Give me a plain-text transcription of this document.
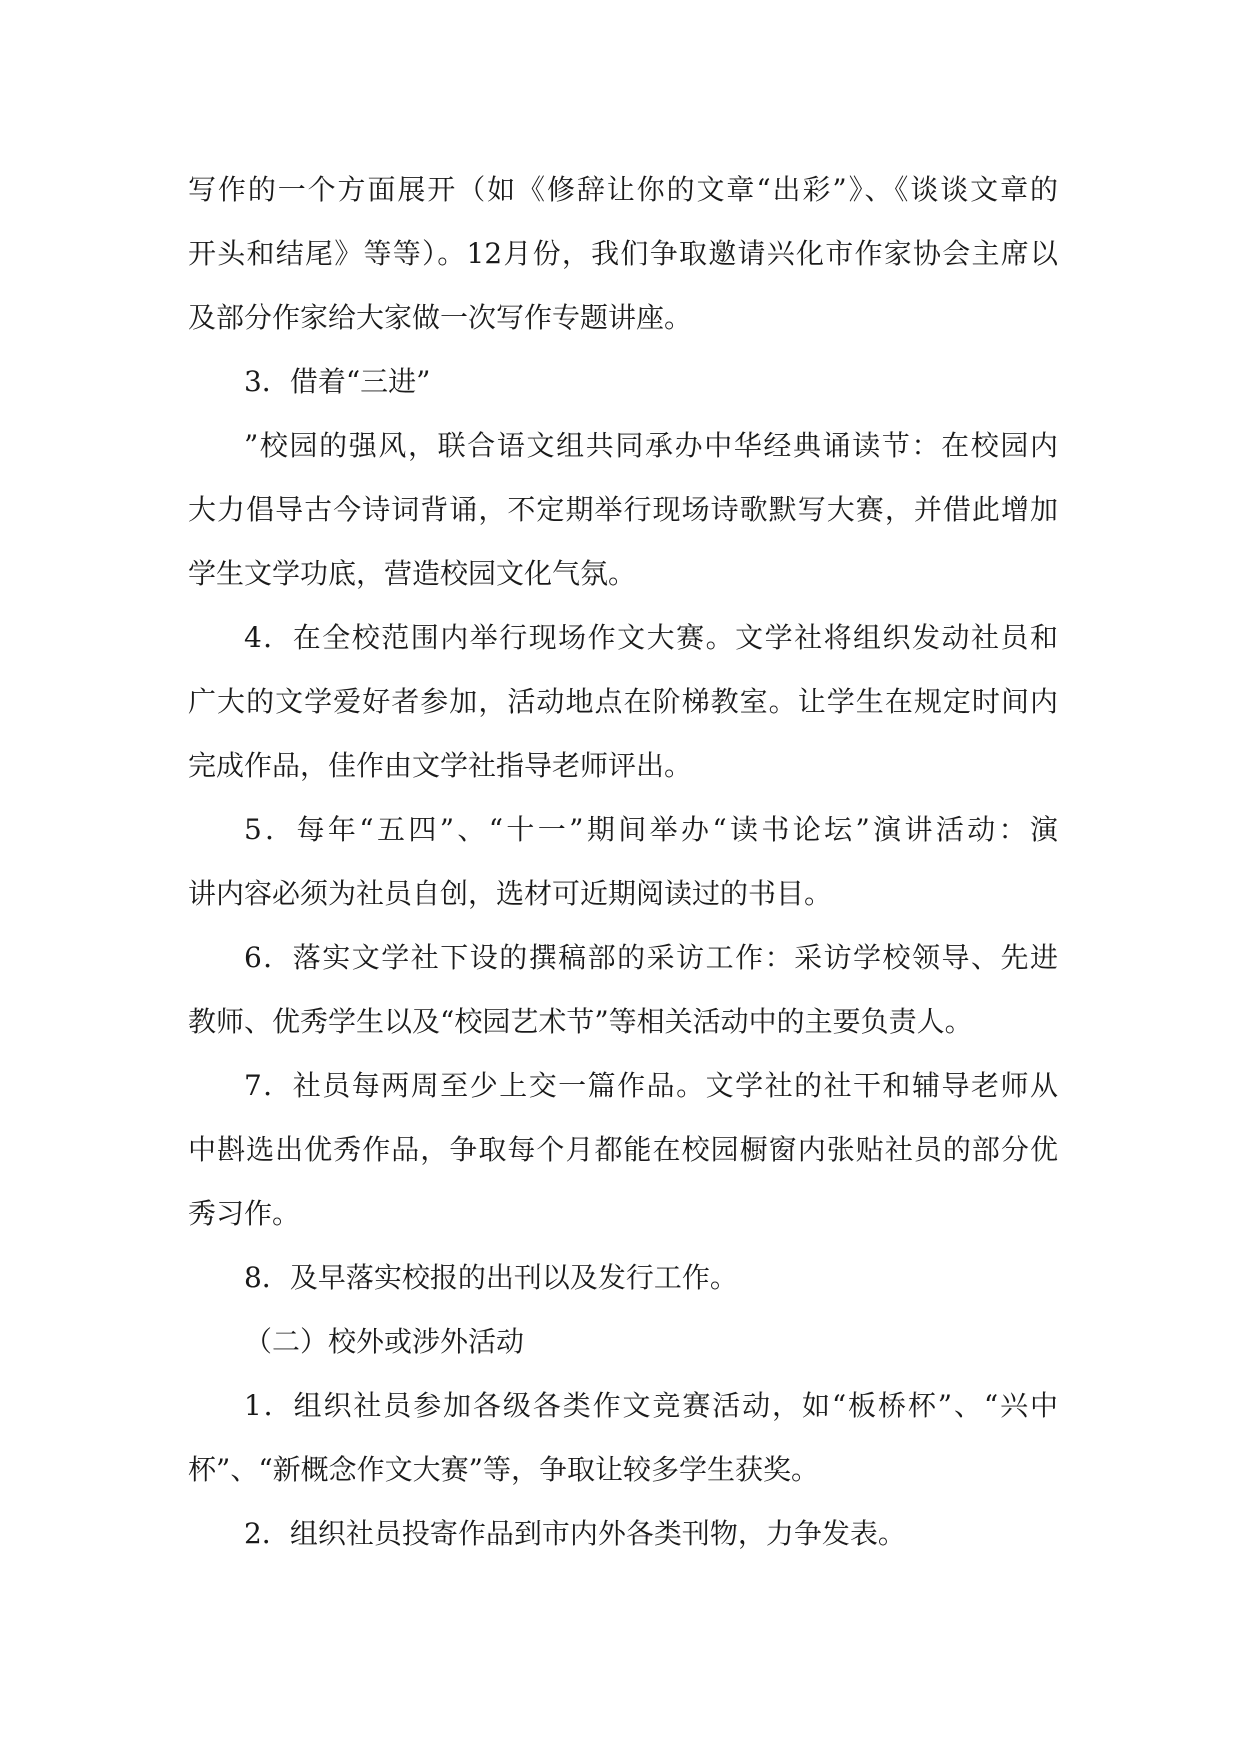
写作的一个方面展开（如《修辞让你的文章“出彩”》、《谈谈文章的
开头和结尾》等等）。12月份，我们争取邀请兴化市作家协会主席以
及部分作家给大家做一次写作专题讲座。
3．借着“三进”
”校园的强风，联合语文组共同承办中华经典诵读节：在校园内
大力倡导古今诗词背诵，不定期举行现场诗歌默写大赛，并借此增加
学生文学功底，营造校园文化气氛。
4．在全校范围内举行现场作文大赛。文学社将组织发动社员和
广大的文学爱好者参加，活动地点在阶梯教室。让学生在规定时间内
完成作品，佳作由文学社指导老师评出。
5．每年“五四”、“十一”期间举办“读书论坛”演讲活动：演
讲内容必须为社员自创，选材可近期阅读过的书目。
6．落实文学社下设的撰稿部的采访工作：采访学校领导、先进
教师、优秀学生以及“校园艺术节”等相关活动中的主要负责人。
7．社员每两周至少上交一篇作品。文学社的社干和辅导老师从
中斟选出优秀作品，争取每个月都能在校园橱窗内张贴社员的部分优
秀习作。
8．及早落实校报的出刊以及发行工作。
（二）校外或涉外活动
1．组织社员参加各级各类作文竞赛活动，如“板桥杯”、“兴中
杯”、“新概念作文大赛”等，争取让较多学生获奖。
2．组织社员投寄作品到市内外各类刊物，力争发表。
